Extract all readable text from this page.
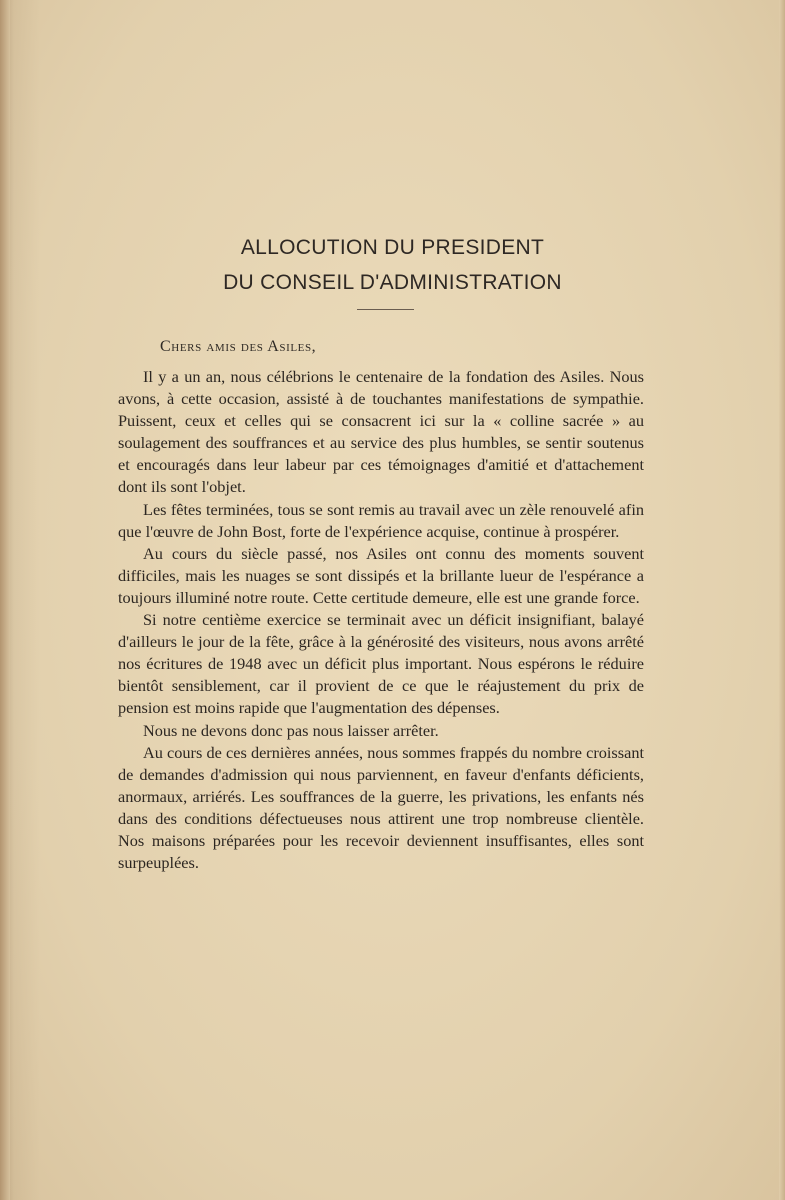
ALLOCUTION DU PRESIDENT
DU CONSEIL D'ADMINISTRATION
Chers amis des Asiles,

Il y a un an, nous célébrions le centenaire de la fondation des Asiles. Nous avons, à cette occasion, assisté à de touchantes manifestations de sympathie. Puissent, ceux et celles qui se consacrent ici sur la « colline sacrée » au soulagement des souffrances et au service des plus humbles, se sentir soutenus et encouragés dans leur labeur par ces témoignages d'amitié et d'attachement dont ils sont l'objet.

Les fêtes terminées, tous se sont remis au travail avec un zèle renouvelé afin que l'œuvre de John Bost, forte de l'expérience acquise, continue à prospérer.

Au cours du siècle passé, nos Asiles ont connu des moments souvent difficiles, mais les nuages se sont dissipés et la brillante lueur de l'espérance a toujours illuminé notre route. Cette certitude demeure, elle est une grande force.

Si notre centième exercice se terminait avec un déficit insignifiant, balayé d'ailleurs le jour de la fête, grâce à la générosité des visiteurs, nous avons arrêté nos écritures de 1948 avec un déficit plus important. Nous espérons le réduire bientôt sensiblement, car il provient de ce que le réajustement du prix de pension est moins rapide que l'augmentation des dépenses.

Nous ne devons donc pas nous laisser arrêter.

Au cours de ces dernières années, nous sommes frappés du nombre croissant de demandes d'admission qui nous parviennent, en faveur d'enfants déficients, anormaux, arriérés. Les souffrances de la guerre, les privations, les enfants nés dans des conditions défectueuses nous attirent une trop nombreuse clientèle. Nos maisons préparées pour les recevoir deviennent insuffisantes, elles sont surpeuplées.
